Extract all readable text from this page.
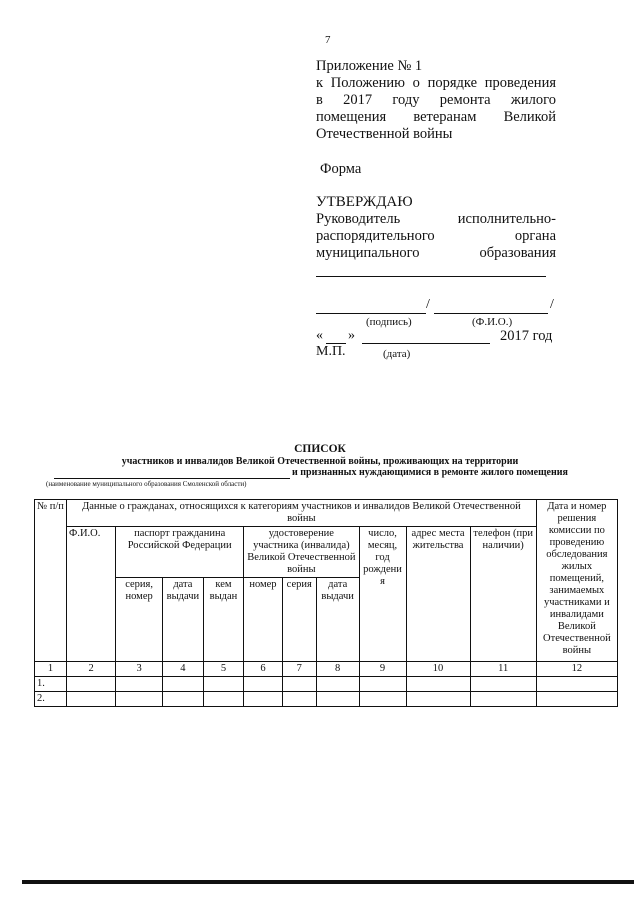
7
Приложение № 1
к Положению о порядке проведения
в 2017 году ремонта жилого
помещения ветеранам Великой
Отечественной войны
Форма
УТВЕРЖДАЮ
Руководитель исполнительно-
распорядительного органа
муниципального образования
/	/
(подпись)	(Ф.И.О.)
« »	2017 год
М.П.	(дата)
СПИСОК
участников и инвалидов Великой Отечественной войны, проживающих на территории
и признанных нуждающимися в ремонте жилого помещения
(наименование муниципального образования Смоленской области)
№ п/п	Данные о гражданах, относящихся к категориям участников и инвалидов Великой Отечественной войны										Дата и номер решения комиссии по проведению обследования жилых помещений, занимаемых участниками и инвалидами Великой Отечественной войны
	Ф.И.О.	паспорт гражданина Российской Федерации			удостоверение участника (инвалида) Великой Отечественной войны			число, месяц, год рождения	адрес места жительства	телефон (при наличии)	
		серия, номер	дата выдачи	кем выдан	номер	серия	дата выдачи				
1	2	3	4	5	6	7	8	9	10	11	12
1.											
2.											
